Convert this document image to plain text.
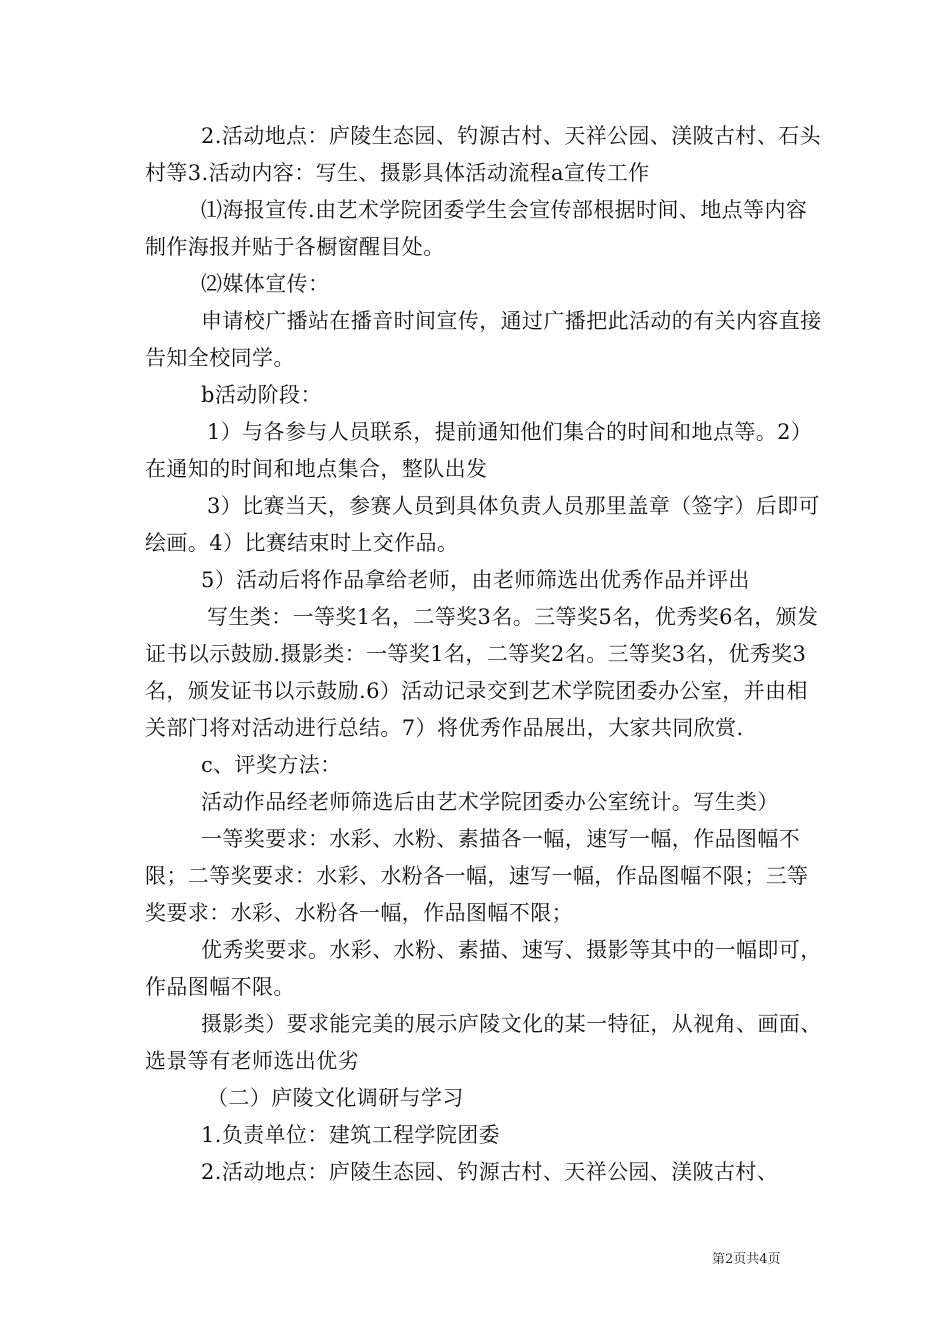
2.活动地点：庐陵生态园、钓源古村、天祥公园、渼陂古村、石头村等3.活动内容：写生、摄影具体活动流程a宣传工作

⑴海报宣传.由艺术学院团委学生会宣传部根据时间、地点等内容制作海报并贴于各橱窗醒目处。

⑵媒体宣传：

申请校广播站在播音时间宣传，通过广播把此活动的有关内容直接告知全校同学。

b活动阶段：

1）与各参与人员联系，提前通知他们集合的时间和地点等。2）在通知的时间和地点集合，整队出发

3）比赛当天，参赛人员到具体负责人员那里盖章（签字）后即可绘画。4）比赛结束时上交作品。

5）活动后将作品拿给老师，由老师筛选出优秀作品并评出

写生类：一等奖1名，二等奖3名。三等奖5名，优秀奖6名，颁发证书以示鼓励.摄影类：一等奖1名，二等奖2名。三等奖3名，优秀奖3名，颁发证书以示鼓励.6）活动记录交到艺术学院团委办公室，并由相关部门将对活动进行总结。7）将优秀作品展出，大家共同欣赏.

c、评奖方法：

活动作品经老师筛选后由艺术学院团委办公室统计。写生类）

一等奖要求：水彩、水粉、素描各一幅，速写一幅，作品图幅不限；二等奖要求：水彩、水粉各一幅，速写一幅，作品图幅不限；三等奖要求：水彩、水粉各一幅，作品图幅不限；

优秀奖要求。水彩、水粉、素描、速写、摄影等其中的一幅即可，作品图幅不限。

摄影类）要求能完美的展示庐陵文化的某一特征，从视角、画面、选景等有老师选出优劣

（二）庐陵文化调研与学习

1.负责单位：建筑工程学院团委

2.活动地点：庐陵生态园、钓源古村、天祥公园、渼陂古村、

第2页共4页
